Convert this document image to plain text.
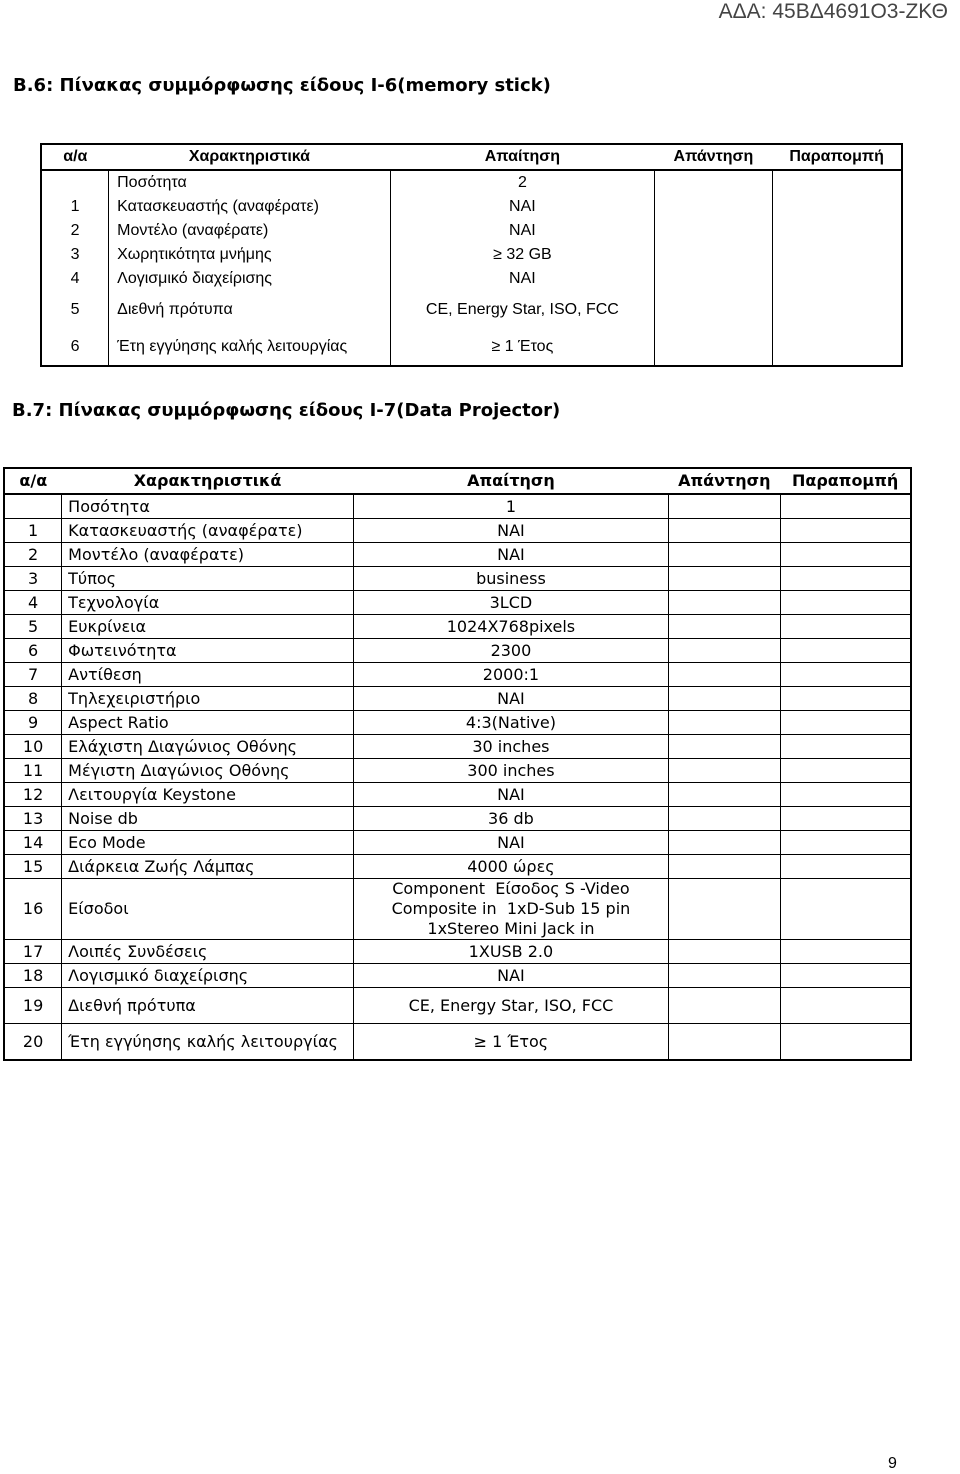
ΑΔΑ: 45ΒΔ4691Ο3-ΖΚΘ
Β.6: Πίνακας συμμόρφωσης είδους Ι-6(memory stick)
α/α	Χαρακτηριστικά	Απαίτηση	Απάντηση	Παραπομπή
	Ποσότητα	2		
1	Κατασκευαστής (αναφέρατε)	ΝΑΙ		
2	Μοντέλο (αναφέρατε)	ΝΑΙ		
3	Χωρητικότητα μνήμης	≥ 32 GB		
4	Λογισμικό διαχείρισης	ΝΑΙ		
5	Διεθνή πρότυπα	CE, Energy Star, ISO, FCC		
6	Έτη εγγύησης καλής λειτουργίας	≥ 1 Έτος		
Β.7: Πίνακας συμμόρφωσης είδους Ι-7(Data Projector)
α/α	Χαρακτηριστικά	Απαίτηση	Απάντηση	Παραπομπή
	Ποσότητα	1		
1	Κατασκευαστής (αναφέρατε)	ΝΑΙ		
2	Μοντέλο (αναφέρατε)	ΝΑΙ		
3	Τύπος	business		
4	Τεχνολογία	3LCD		
5	Ευκρίνεια	1024X768pixels		
6	Φωτεινότητα	2300		
7	Αντίθεση	2000:1		
8	Τηλεχειριστήριο	ΝΑΙ		
9	Aspect Ratio	4:3(Native)		
10	Ελάχιστη Διαγώνιος Οθόνης	30 inches		
11	Μέγιστη Διαγώνιος Οθόνης	300 inches		
12	Λειτουργία Keystone	ΝΑΙ		
13	Noise db	36 db		
14	Eco Mode	ΝΑΙ		
15	Διάρκεια Ζωής Λάμπας	4000 ώρες		
16	Είσοδοι	Component  Είσοδος S -Video
Composite in  1xD-Sub 15 pin
1xStereo Mini Jack in		

17	Λοιπές Συνδέσεις	1XUSB 2.0		
18	Λογισμικό διαχείρισης	ΝΑΙ		
19	Διεθνή πρότυπα	CE, Energy Star, ISO, FCC		
20	Έτη εγγύησης καλής λειτουργίας	≥ 1 Έτος		
9
